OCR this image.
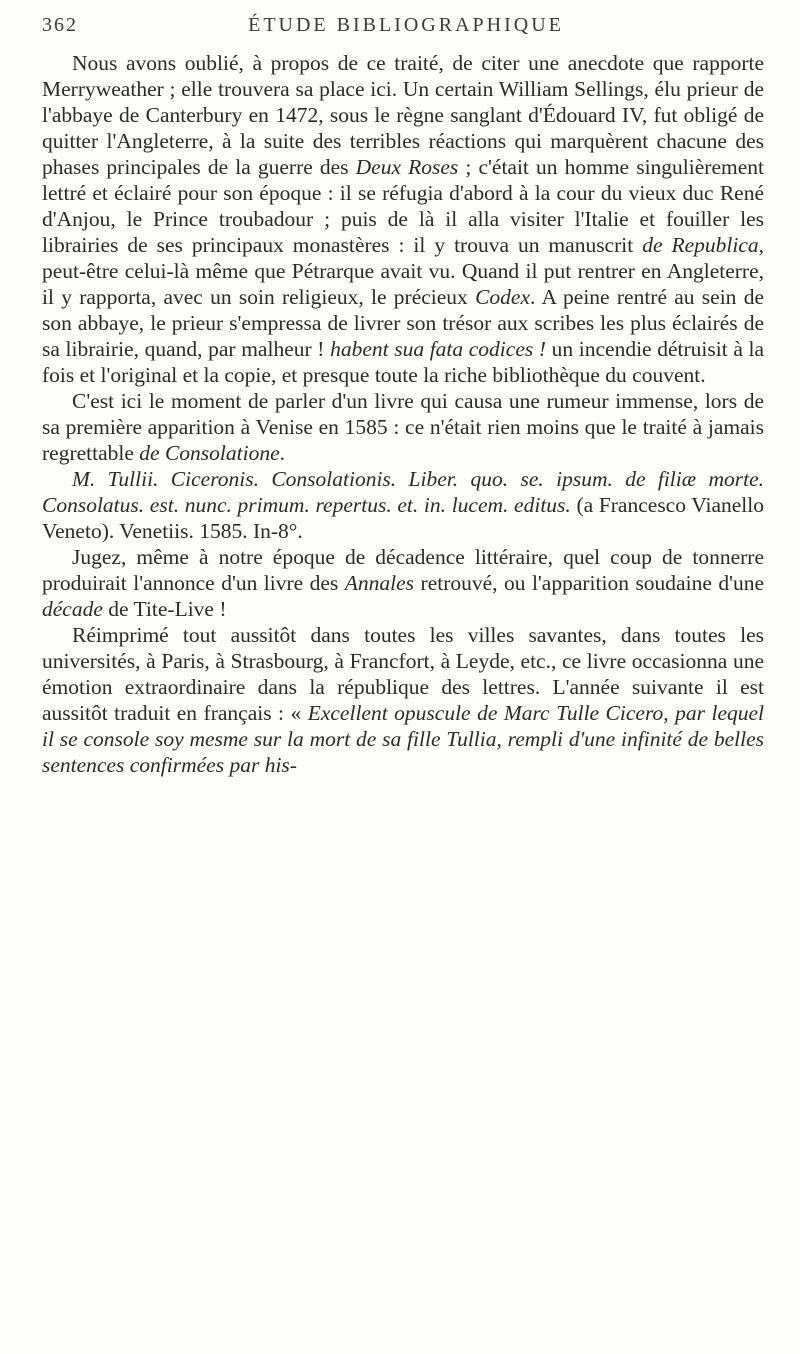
362	ÉTUDE BIBLIOGRAPHIQUE

Nous avons oublié, à propos de ce traité, de citer une anecdote que rapporte Merryweather ; elle trouvera sa place ici. Un certain William Sellings, élu prieur de l'abbaye de Canterbury en 1472, sous le règne sanglant d'Édouard IV, fut obligé de quitter l'Angleterre, à la suite des terribles réactions qui marquèrent chacune des phases principales de la guerre des Deux Roses ; c'était un homme singulièrement lettré et éclairé pour son époque : il se réfugia d'abord à la cour du vieux duc René d'Anjou, le Prince troubadour ; puis de là il alla visiter l'Italie et fouiller les librairies de ses principaux monastères : il y trouva un manuscrit de Republica, peut-être celui-là même que Pétrarque avait vu. Quand il put rentrer en Angleterre, il y rapporta, avec un soin religieux, le précieux Codex. A peine rentré au sein de son abbaye, le prieur s'empressa de livrer son trésor aux scribes les plus éclairés de sa librairie, quand, par malheur ! habent sua fata codices ! un incendie détruisit à la fois et l'original et la copie, et presque toute la riche bibliothèque du couvent.

C'est ici le moment de parler d'un livre qui causa une rumeur immense, lors de sa première apparition à Venise en 1585 : ce n'était rien moins que le traité à jamais regrettable de Consolatione.

M. Tullii. Ciceronis. Consolationis. Liber. quo. se. ipsum. de filiæ morte. Consolatus. est. nunc. primum. repertus. et. in. lucem. editus. (a Francesco Vianello Veneto). Venetiis. 1585. In-8°.

Jugez, même à notre époque de décadence littéraire, quel coup de tonnerre produirait l'annonce d'un livre des Annales retrouvé, ou l'apparition soudaine d'une décade de Tite-Live !

Réimprimé tout aussitôt dans toutes les villes savantes, dans toutes les universités, à Paris, à Strasbourg, à Francfort, à Leyde, etc., ce livre occasionna une émotion extraordinaire dans la république des lettres. L'année suivante il est aussitôt traduit en français : « Excellent opuscule de Marc Tulle Cicero, par lequel il se console soy mesme sur la mort de sa fille Tullia, rempli d'une infinité de belles sentences confirmées par his-
